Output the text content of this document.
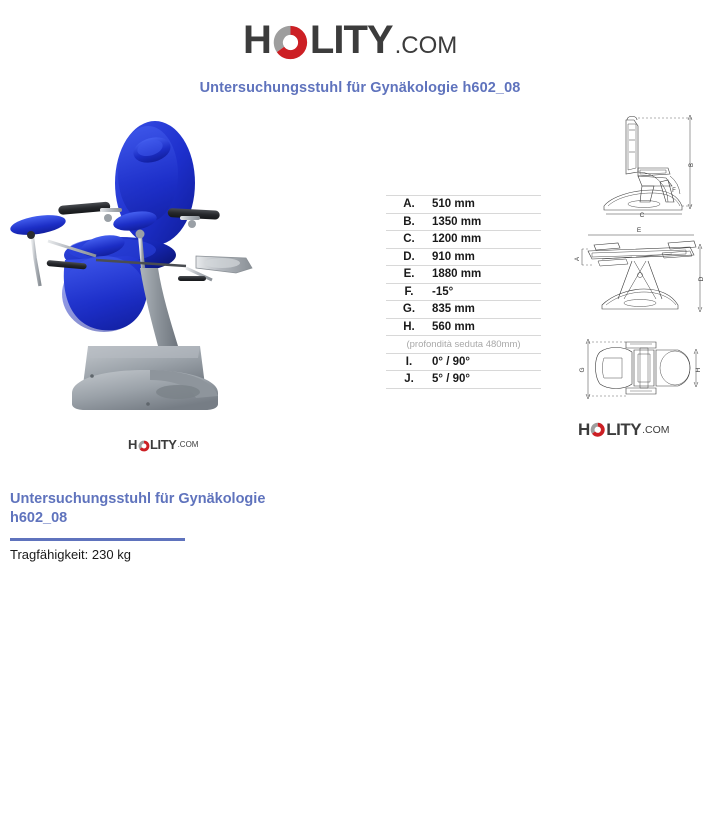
H LITY .COM
Untersuchungsstuhl für Gynäkologie h602_08
H LITY .COM
A.	510 mm
B.	1350 mm
C.	1200 mm
D.	910 mm
E.	1880 mm
F.	-15°
G.	835 mm
H.	560 mm
(profondità seduta 480mm)	
I.	0° / 90°
J.	5° / 90°
B
C
F
E
D
A
G	H
H LITY .COM
Untersuchungsstuhl für Gynäkologie h602_08
Tragfähigkeit: 230 kg
